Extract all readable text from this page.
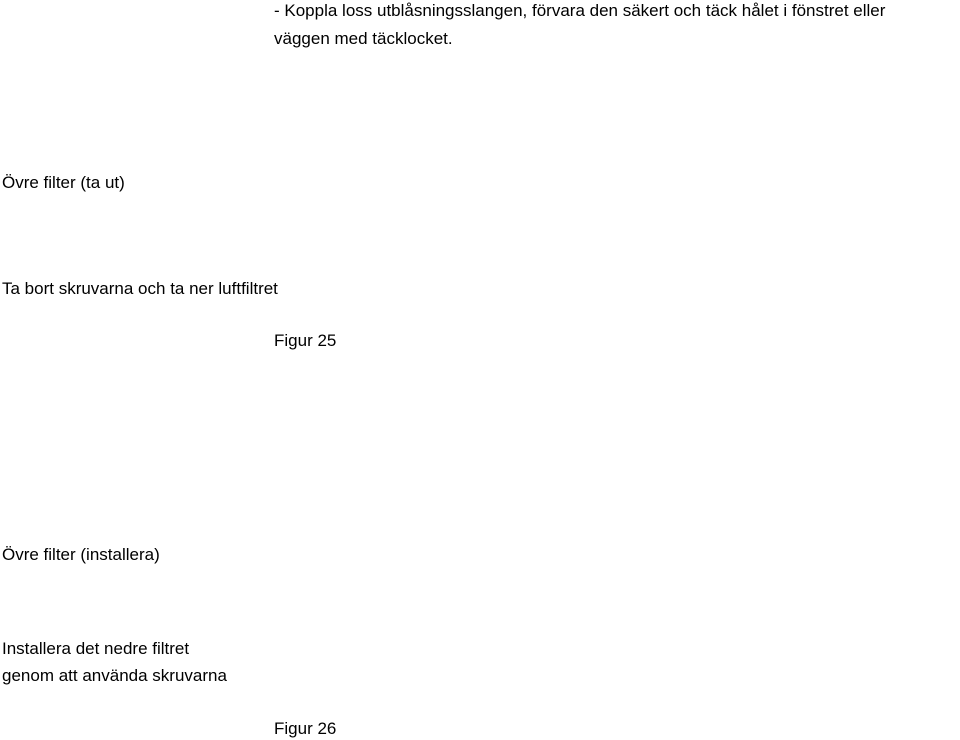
- Koppla loss utblåsningsslangen, förvara den säkert och täck hålet i fönstret eller

väggen med täcklocket.

Övre filter (ta ut)

Ta bort skruvarna och ta ner luftfiltret

Figur 25

Övre filter (installera)

Installera det nedre filtret

genom att använda skruvarna

Figur 26
